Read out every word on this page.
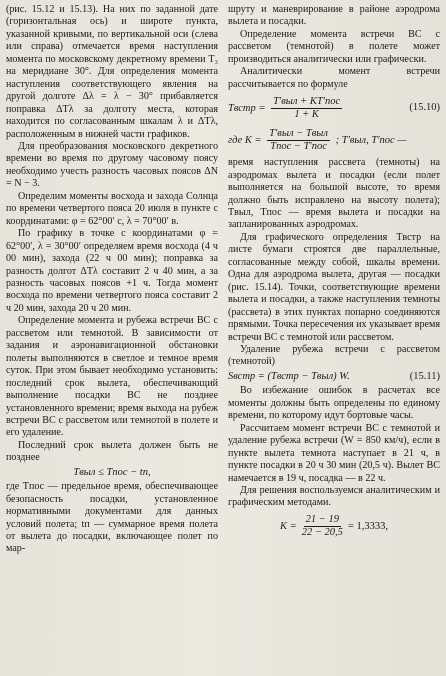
(рис. 15.12 и 15.13). На них по заданной дате (горизонтальная ось) и широте пункта, указанной кривыми, по вертикальной оси (слева или справа) отмечается время наступления момента по московскому декретному времени T₃ на меридиане 30°. Для определения момента наступления соответствующего явления на другой долготе Δλ = λ − 30° прибавляется поправка ΔTλ за долготу места, которая находится по согласованным шкалам λ и ΔTλ, расположенным в нижней части графиков.

Для преобразования московского декретного времени во время по другому часовому поясу необходимо учесть разность часовых поясов ΔN = N − 3.

Определим моменты восхода и захода Солнца по времени четвертого пояса 20 июля в пункте с координатами: φ = 62°00′ с, λ = 70°00′ в.

По графику в точке с координатами φ = 62°00′, λ = 30°00′ определяем время восхода (4 ч 00 мин), захода (22 ч 00 мин); поправка за разность долгот ΔTλ составит 2 ч 40 мин, а за разность часовых поясов +1 ч. Тогда момент восхода по времени четвертого пояса составит 2 ч 20 мин, захода 20 ч 20 мин.

Определение момента и рубежа встречи ВС с рассветом или темнотой. В зависимости от задания и аэронавигационной обстановки полеты выполняются в светлое и темное время суток. При этом бывает необходимо установить: последний срок вылета, обеспечивающий выполнение посадки ВС не позднее установленного времени; время выхода на рубеж встречи ВС с рассветом или темнотой в полете и его удаление.

Последний срок вылета должен быть не позднее

Tвыл ≤ Tпос − tп,

где Tпос — предельное время, обеспечивающее безопасность посадки, установленное нормативными документами для данных условий полета; tп — суммарное время полета от вылета до посадки, включающее полет по мар-

шруту и маневрирование в районе аэродрома вылета и посадки.

Определение момента встречи ВС с рассветом (темнотой) в полете может производиться аналитически или графически.

Аналитически момент встречи рассчитывается по формуле

Tвстр = $\frac{\text{T′выл + KT′пос}}{1 + K}$	(15.10)
где $K = \frac{\text{T′выл − Tвыл}}{\text{Tпос − T′пос}}$ ; T′выл, T′пос —

время наступления рассвета (темноты) на аэродромах вылета и посадки (если полет выполняется на большой высоте, то время должно быть исправлено на высоту полета); Tвыл, Tпос — время вылета и посадки на запланированных аэродромах.

Для графического определения Tвстр на листе бумаги строятся две параллельные, согласованные между собой, шкалы времени. Одна для аэродрома вылета, другая — посадки (рис. 15.14). Точки, соответствующие времени вылета и посадки, а также наступления темноты (рассвета) в этих пунктах попарно соединяются прямыми. Точка пересечения их указывает время встречи ВС с темнотой или рассветом.

Удаление рубежа встречи с рассветом (темнотой)

Sвстр = (Tвстр − Tвыл) W.	(15.11)

Во избежание ошибок в расчетах все моменты должны быть определены по единому времени, по которому идут бортовые часы.

Рассчитаем момент встречи ВС с темнотой и удаление рубежа встречи (W = 850 км/ч), если в пункте вылета темнота наступает в 21 ч, в пункте посадки в 20 ч 30 мин (20,5 ч). Вылет ВС намечается в 19 ч, посадка — в 22 ч.

Для решения воспользуемся аналитическим и графическим методами.

$K = \frac{21 - 19}{22 - 20,5} = 1,3333$,
